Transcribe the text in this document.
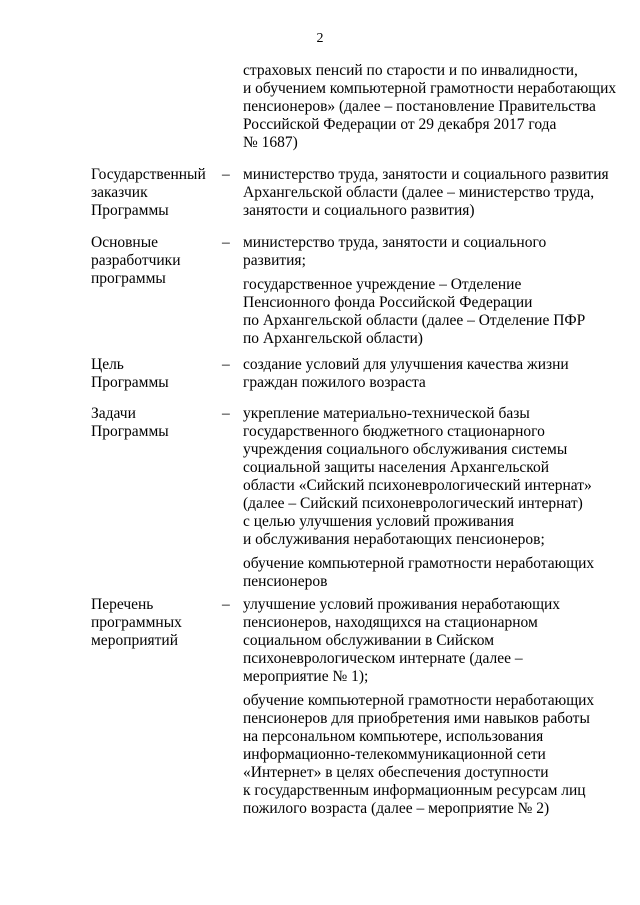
2
страховых пенсий по старости и по инвалидности,
и обучением компьютерной грамотности неработающих
пенсионеров» (далее – постановление Правительства
Российской Федерации от 29 декабря 2017 года
№ 1687)
Государственный
заказчик
Программы
– министерство труда, занятости и социального развития
Архангельской области (далее – министерство труда,
занятости и социального развития)
Основные
разработчики
программы
– министерство труда, занятости и социального
развития;
государственное учреждение – Отделение
Пенсионного фонда Российской Федерации
по Архангельской области (далее – Отделение ПФР
по Архангельской области)
Цель
Программы
– создание условий для улучшения качества жизни
граждан пожилого возраста
Задачи
Программы
– укрепление материально-технической базы
государственного бюджетного стационарного
учреждения социального обслуживания системы
социальной защиты населения Архангельской
области «Сийский психоневрологический интернат»
(далее – Сийский психоневрологический интернат)
с целью улучшения условий проживания
и обслуживания неработающих пенсионеров;
обучение компьютерной грамотности неработающих
пенсионеров
Перечень
программных
мероприятий
– улучшение условий проживания неработающих
пенсионеров, находящихся на стационарном
социальном обслуживании в Сийском
психоневрологическом интернате (далее –
мероприятие № 1);
обучение компьютерной грамотности неработающих
пенсионеров для приобретения ими навыков работы
на персональном компьютере, использования
информационно-телекоммуникационной сети
«Интернет» в целях обеспечения доступности
к государственным информационным ресурсам лиц
пожилого возраста (далее – мероприятие № 2)
